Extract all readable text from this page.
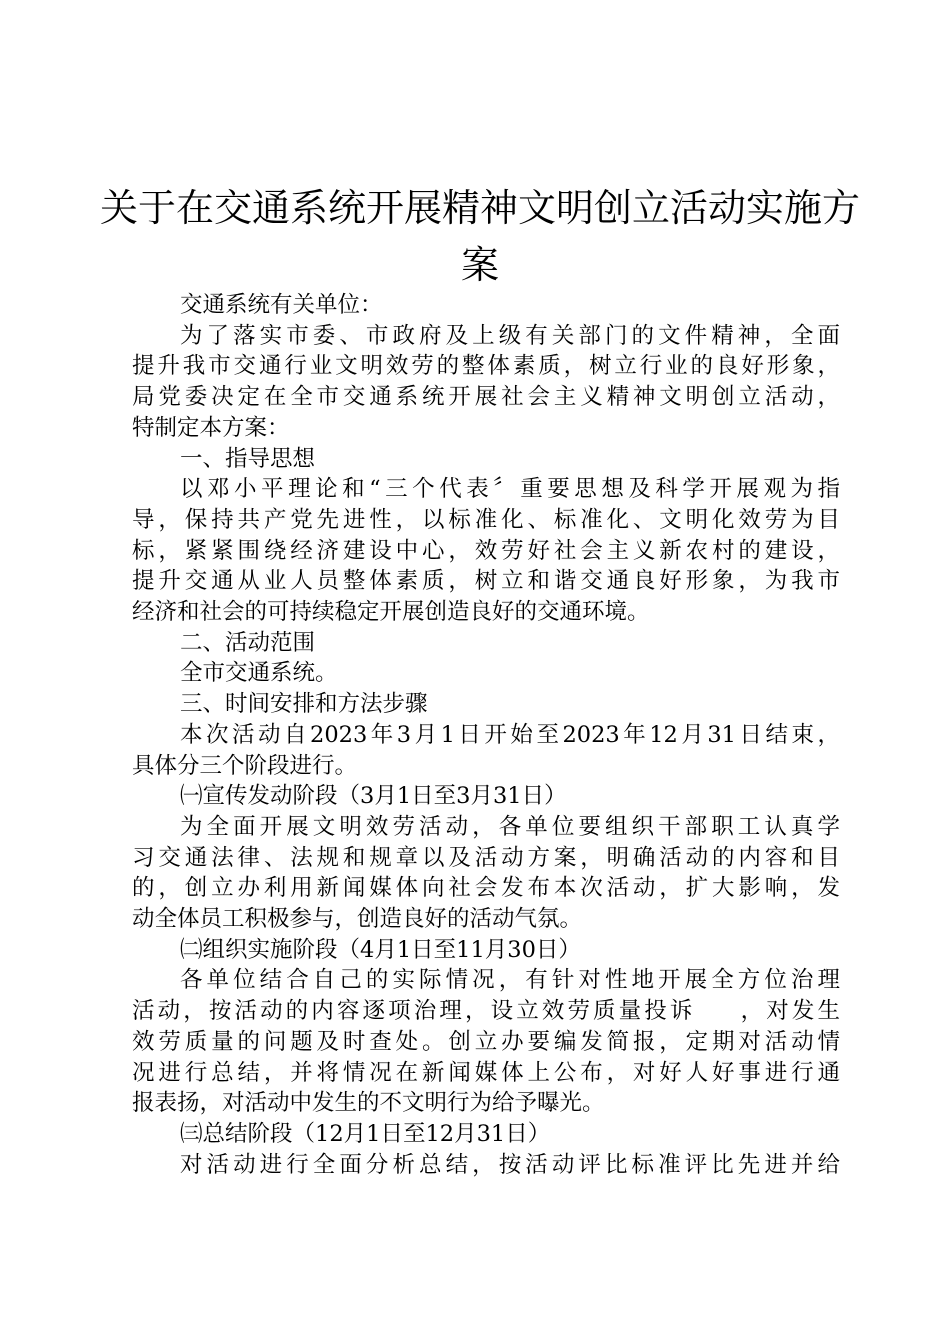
关于在交通系统开展精神文明创立活动实施方
案

交通系统有关单位：

为了落实市委、市政府及上级有关部门的文件精神，全面
提升我市交通行业文明效劳的整体素质，树立行业的良好形象，
局党委决定在全市交通系统开展社会主义精神文明创立活动，
特制定本方案：

一、指导思想

以邓小平理论和“三个代表〞重要思想及科学开展观为指
导，保持共产党先进性，以标准化、标准化、文明化效劳为目
标，紧紧围绕经济建设中心，效劳好社会主义新农村的建设，
提升交通从业人员整体素质，树立和谐交通良好形象，为我市
经济和社会的可持续稳定开展创造良好的交通环境。

二、活动范围

全市交通系统。

三、时间安排和方法步骤

本次活动自2023年3月1日开始至2023年12月31日结束，
具体分三个阶段进行。

㈠宣传发动阶段（3月1日至3月31日）

为全面开展文明效劳活动，各单位要组织干部职工认真学
习交通法律、法规和规章以及活动方案，明确活动的内容和目
的，创立办利用新闻媒体向社会发布本次活动，扩大影响，发
动全体员工积极参与，创造良好的活动气氛。

㈡组织实施阶段（4月1日至11月30日）

各单位结合自己的实际情况，有针对性地开展全方位治理
活动，按活动的内容逐项治理，设立效劳质量投诉 ，对发生
效劳质量的问题及时查处。创立办要编发简报，定期对活动情
况进行总结，并将情况在新闻媒体上公布，对好人好事进行通
报表扬，对活动中发生的不文明行为给予曝光。

㈢总结阶段（12月1日至12月31日）

对活动进行全面分析总结，按活动评比标准评比先进并给
